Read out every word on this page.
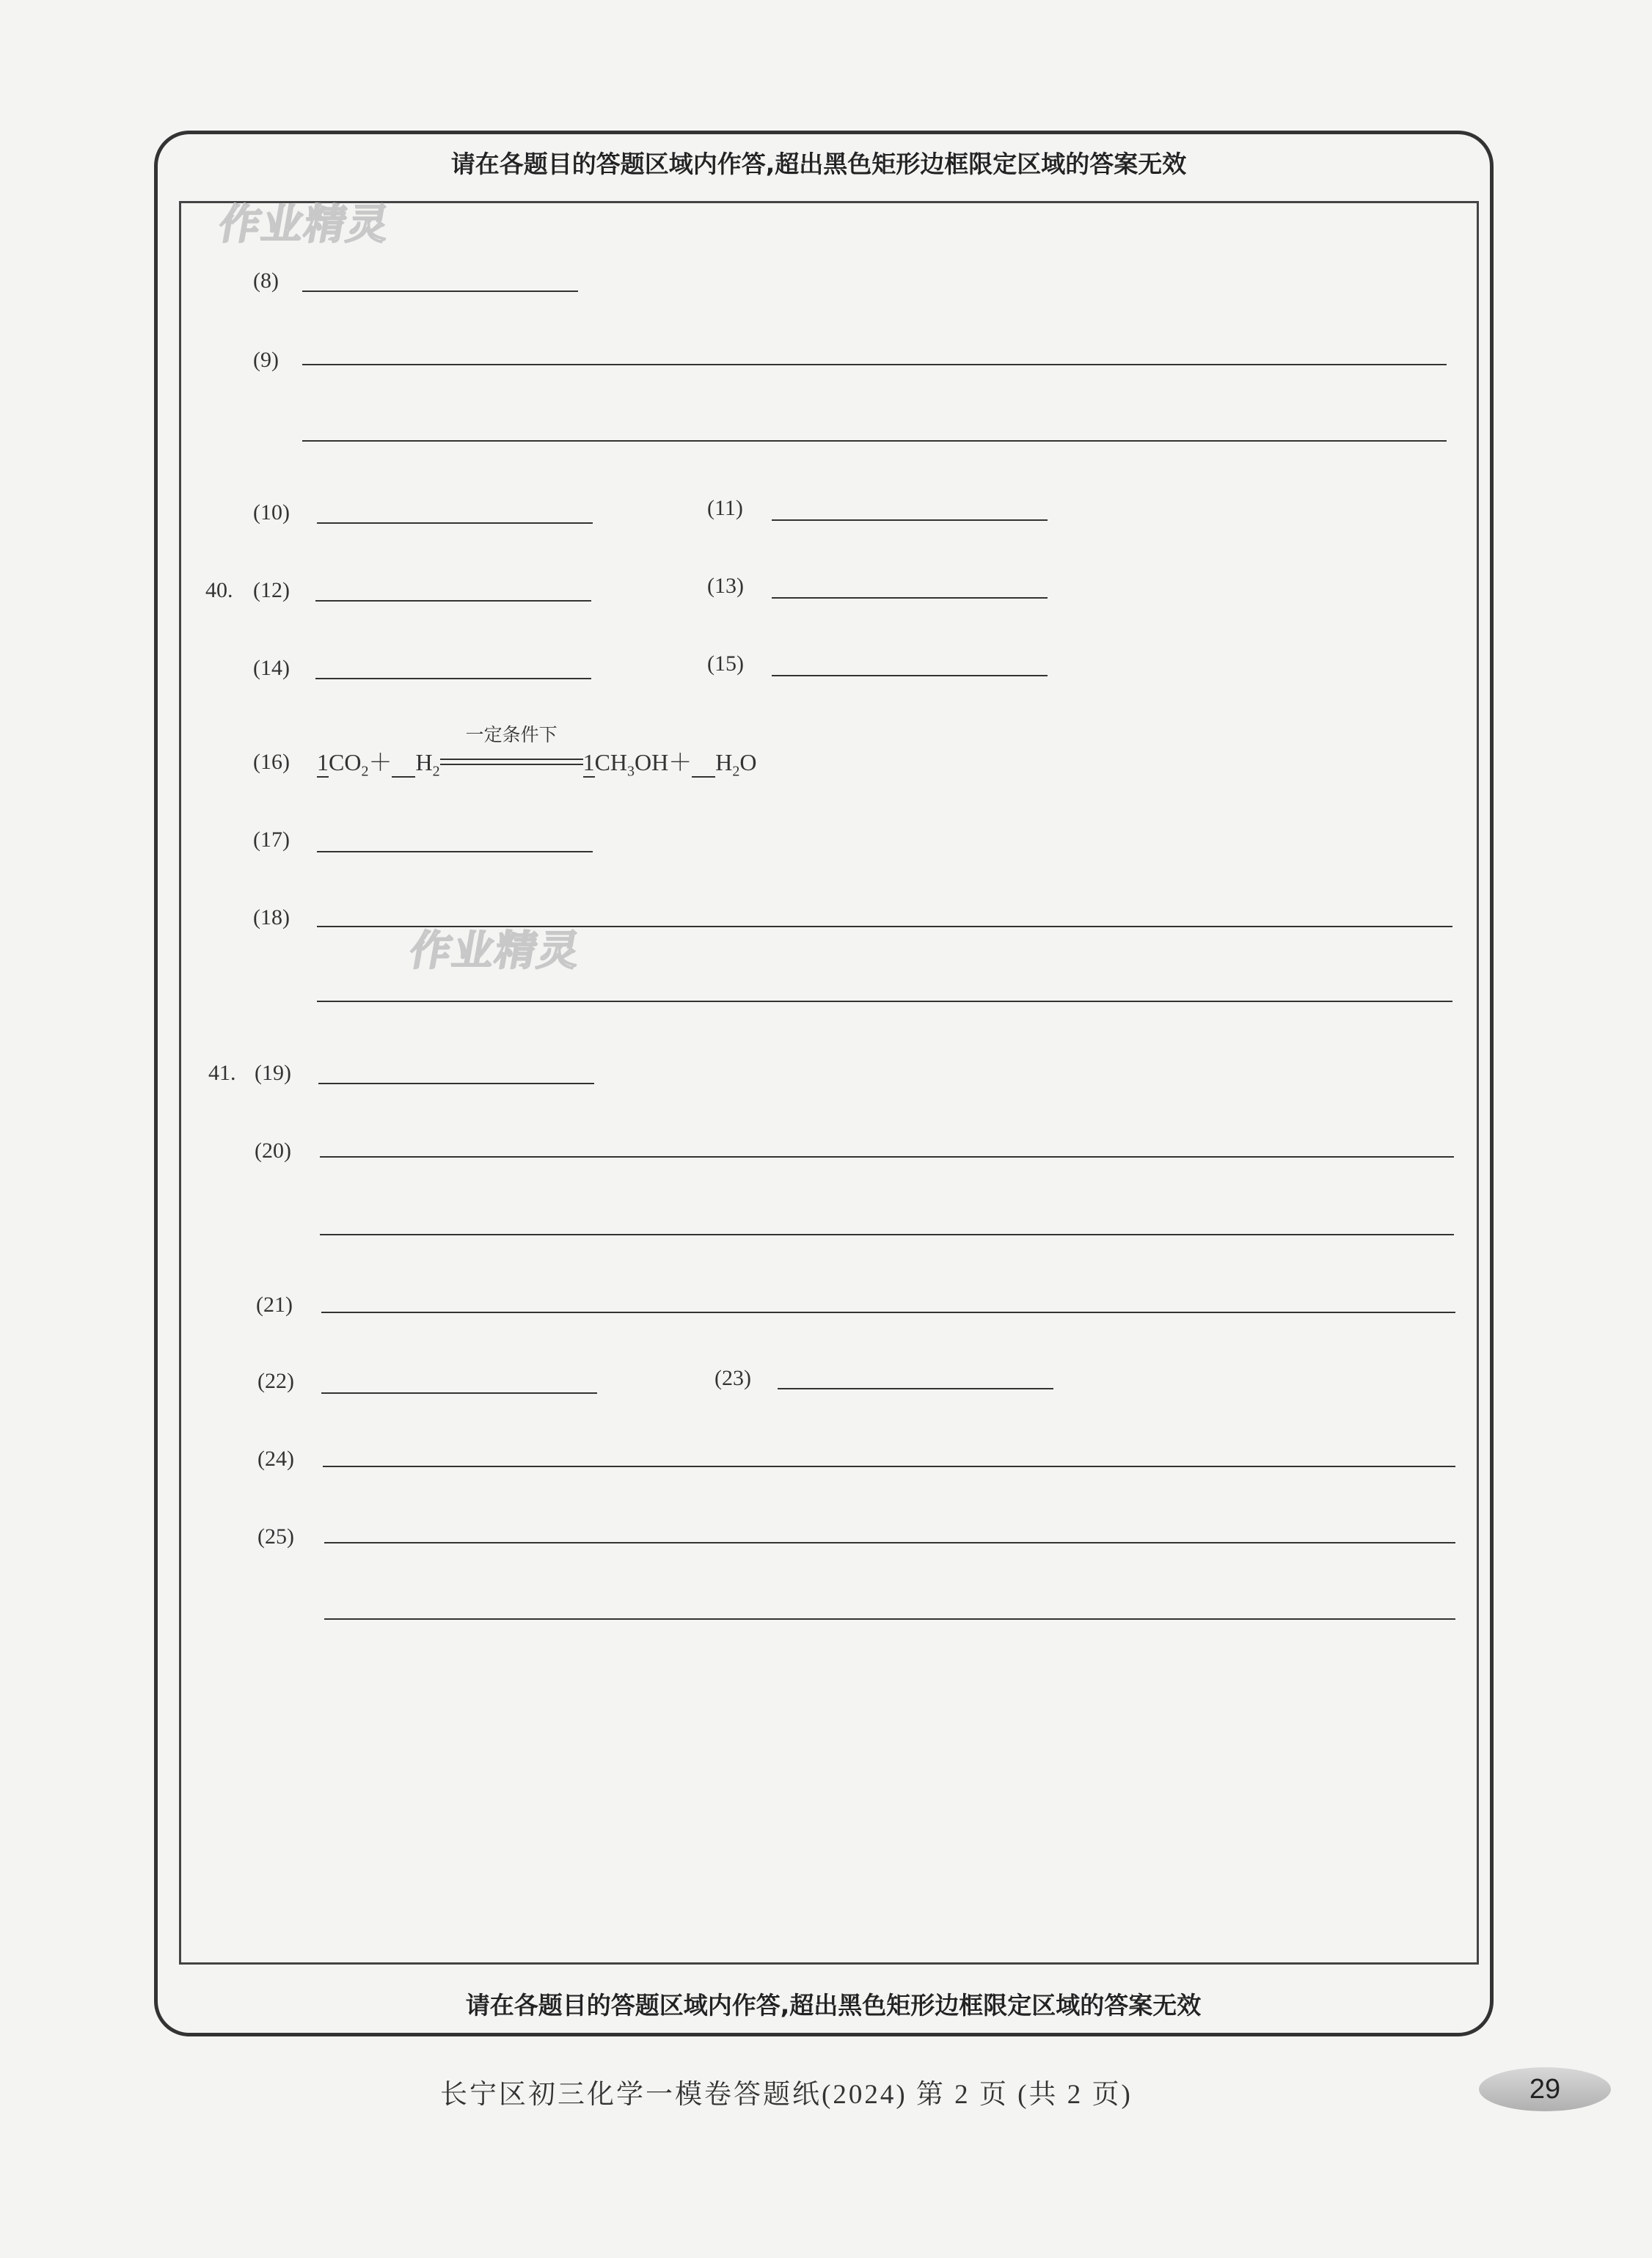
请在各题目的答题区域内作答,超出黑色矩形边框限定区域的答案无效
请在各题目的答题区域内作答,超出黑色矩形边框限定区域的答案无效
作业精灵
作业精灵
(8)
(9)
(10)	(11)
40. (12)	(13)
(14)	(15)
(16) $1CO_2+ H_2$
一定条件下
$1CH_3OH+ H_2O$
(17)
(18)
41. (19)
(20)
(21)
(22)	(23)
(24)
(25)
长宁区初三化学一模卷答题纸(2024) 第 2 页 (共 2 页)	29
